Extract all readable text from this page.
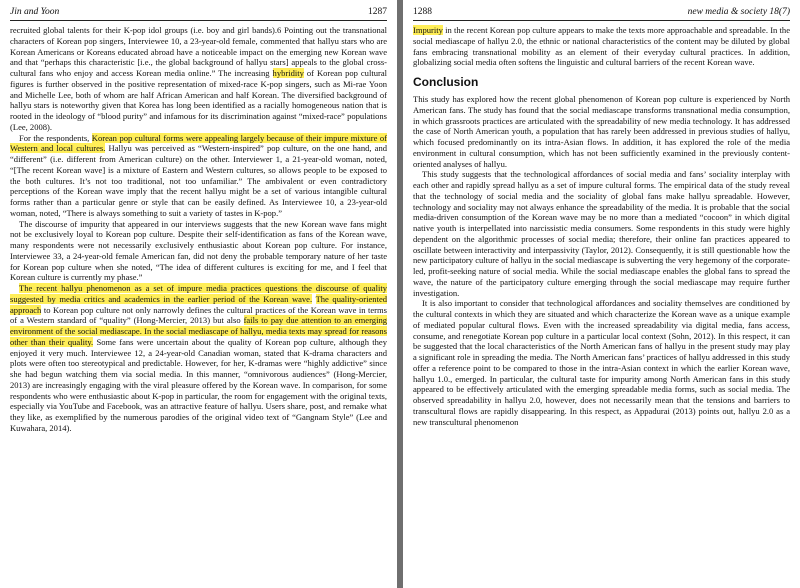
Jin and Yoon	1287

recruited global talents for their K-pop idol groups (i.e. boy and girl bands).6 Pointing out the transnational characters of Korean pop singers, Interviewee 10, a 23-year-old female, commented that hallyu stars who are Korean Americans or Koreans educated abroad have a noticeable impact on the emerging new Korean wave and that “perhaps this characteristic [i.e., the global background of hallyu stars] appeals to the global cross-cultural fans who enjoy and access Korean media online.” The increasing hybridity of Korean pop cultural figures is further observed in the positive representation of mixed-race K-pop singers, such as Mi-rae Yoon and Michelle Lee, both of whom are half African American and half Korean. The diversified background of hallyu stars is noteworthy given that Korea has long been identified as a racially homogeneous nation that is rooted in the ideology of “blood purity” and infamous for its discrimination against “mixed-race” populations (Lee, 2008).

For the respondents, Korean pop cultural forms were appealing largely because of their impure mixture of Western and local cultures. Hallyu was perceived as “Western-inspired” pop culture, on the one hand, and “different” (i.e. different from American culture) on the other. Interviewer 1, a 21-year-old woman, noted, “[The recent Korean wave] is a mixture of Eastern and Western cultures, so allows people to be exposed to the both cultures. It’s not too traditional, not too unfamiliar.” The ambivalent or even contradictory perceptions of the Korean wave imply that the recent hallyu might be a set of various intangible cultural forms rather than a particular genre or style that can be easily defined. As Interviewee 10, a 23-year-old woman, noted, “There is always something to suit a variety of tastes in K-pop.”

The discourse of impurity that appeared in our interviews suggests that the new Korean wave fans might not be exclusively loyal to Korean pop culture. Despite their self-identification as fans of the Korean wave, many respondents were not necessarily exclusively enthusiastic about Korean pop culture. For instance, Interviewee 33, a 24-year-old female American fan, did not deny the probable temporary nature of her taste for Korean pop culture when she noted, “The idea of different cultures is exciting for me, and I feel that Korean culture is currently my phase.”

The recent hallyu phenomenon as a set of impure media practices questions the discourse of quality suggested by media critics and academics in the earlier period of the Korean wave. The quality-oriented approach to Korean pop culture not only narrowly defines the cultural practices of the Korean wave in terms of a Western standard of “quality” (Hong-Mercier, 2013) but also fails to pay due attention to an emerging environment of the social mediascape. In the social mediascape of hallyu, media texts may spread for reasons other than their quality. Some fans were uncertain about the quality of Korean pop culture, although they enjoyed it very much. Interviewee 12, a 24-year-old Canadian woman, stated that K-drama characters and plots were often too stereotypical and predictable. However, for her, K-dramas were “highly addictive” since she had begun watching them via social media. In this manner, “omnivorous audiences” (Hong-Mercier, 2013) are increasingly engaging with the viral pleasure offered by the Korean wave. In comparison, for some respondents who were enthusiastic about K-pop in particular, the room for engagement with the original texts, especially via YouTube and Facebook, was an attractive feature of hallyu. Users share, post, and remake what they like, as exemplified by the numerous parodies of the original video text of “Gangnam Style” (Lee and Kuwahara, 2014).

1288	new media & society 18(7)

Impurity in the recent Korean pop culture appears to make the texts more approachable and spreadable. In the social mediascape of hallyu 2.0, the ethnic or national characteristics of the content may be diluted by global fans embracing transnational mobility as an element of their everyday cultural practices. In addition, globalizing social media often softens the linguistic and cultural barriers of the recent Korean wave.

Conclusion

This study has explored how the recent global phenomenon of Korean pop culture is experienced by North American fans. The study has found that the social mediascape transforms transnational media consumption, in which grassroots practices are articulated with the spreadability of new media technology. It has addressed the case of North American youth, a population that has rarely been addressed in previous studies of hallyu, which focused predominantly on its intra-Asian flows. In addition, it has explored the role of the media environment in cultural consumption, which has not been sufficiently examined in the previously content-oriented analyses of hallyu.

This study suggests that the technological affordances of social media and fans’ sociality interplay with each other and rapidly spread hallyu as a set of impure cultural forms. The empirical data of the study reveal that the technology of social media and the sociality of global fans make hallyu spreadable. However, technology and sociality may not always enhance the spreadability of the media. It is probable that the social media-driven consumption of the Korean wave may be no more than a mediated “cocoon” in which digital native youth is interpellated into narcissistic media consumers. Some respondents in this study were highly dependent on the algorithmic processes of social media; therefore, their online fan practices appeared to oscillate between interactivity and interpassivity (Taylor, 2012). Consequently, it is still questionable how the new participatory culture of hallyu in the social mediascape is subverting the very hegemony of the corporate-led, profit-seeking nature of social media. While the social mediascape enables the global fans to spread the wave, the nature of the participatory culture emerging through the social mediascape may require further investigation.

It is also important to consider that technological affordances and sociality themselves are conditioned by the cultural contexts in which they are situated and which characterize the Korean wave as a unique example of mediated popular cultural flows. Even with the increased spreadability via digital media, fans access, consume, and renegotiate Korean pop culture in a particular local context (Sohn, 2012). In this respect, it can be suggested that the local characteristics of the North American fans of hallyu in the present study may play a significant role in spreading the media. The North American fans’ practices of hallyu addressed in this study offer a reference point to be compared to those in the intra-Asian context in which the earlier Korean wave, hallyu 1.0., emerged. In particular, the cultural taste for impurity among North American fans in this study appeared to be effectively articulated with the emerging spreadable media forms, such as social media. The observed spreadability in hallyu 2.0, however, does not necessarily mean that the tensions and barriers to transcultural flows are rapidly disappearing. In this respect, as Appadurai (2013) points out, hallyu 2.0 as a new transcultural phenomenon
